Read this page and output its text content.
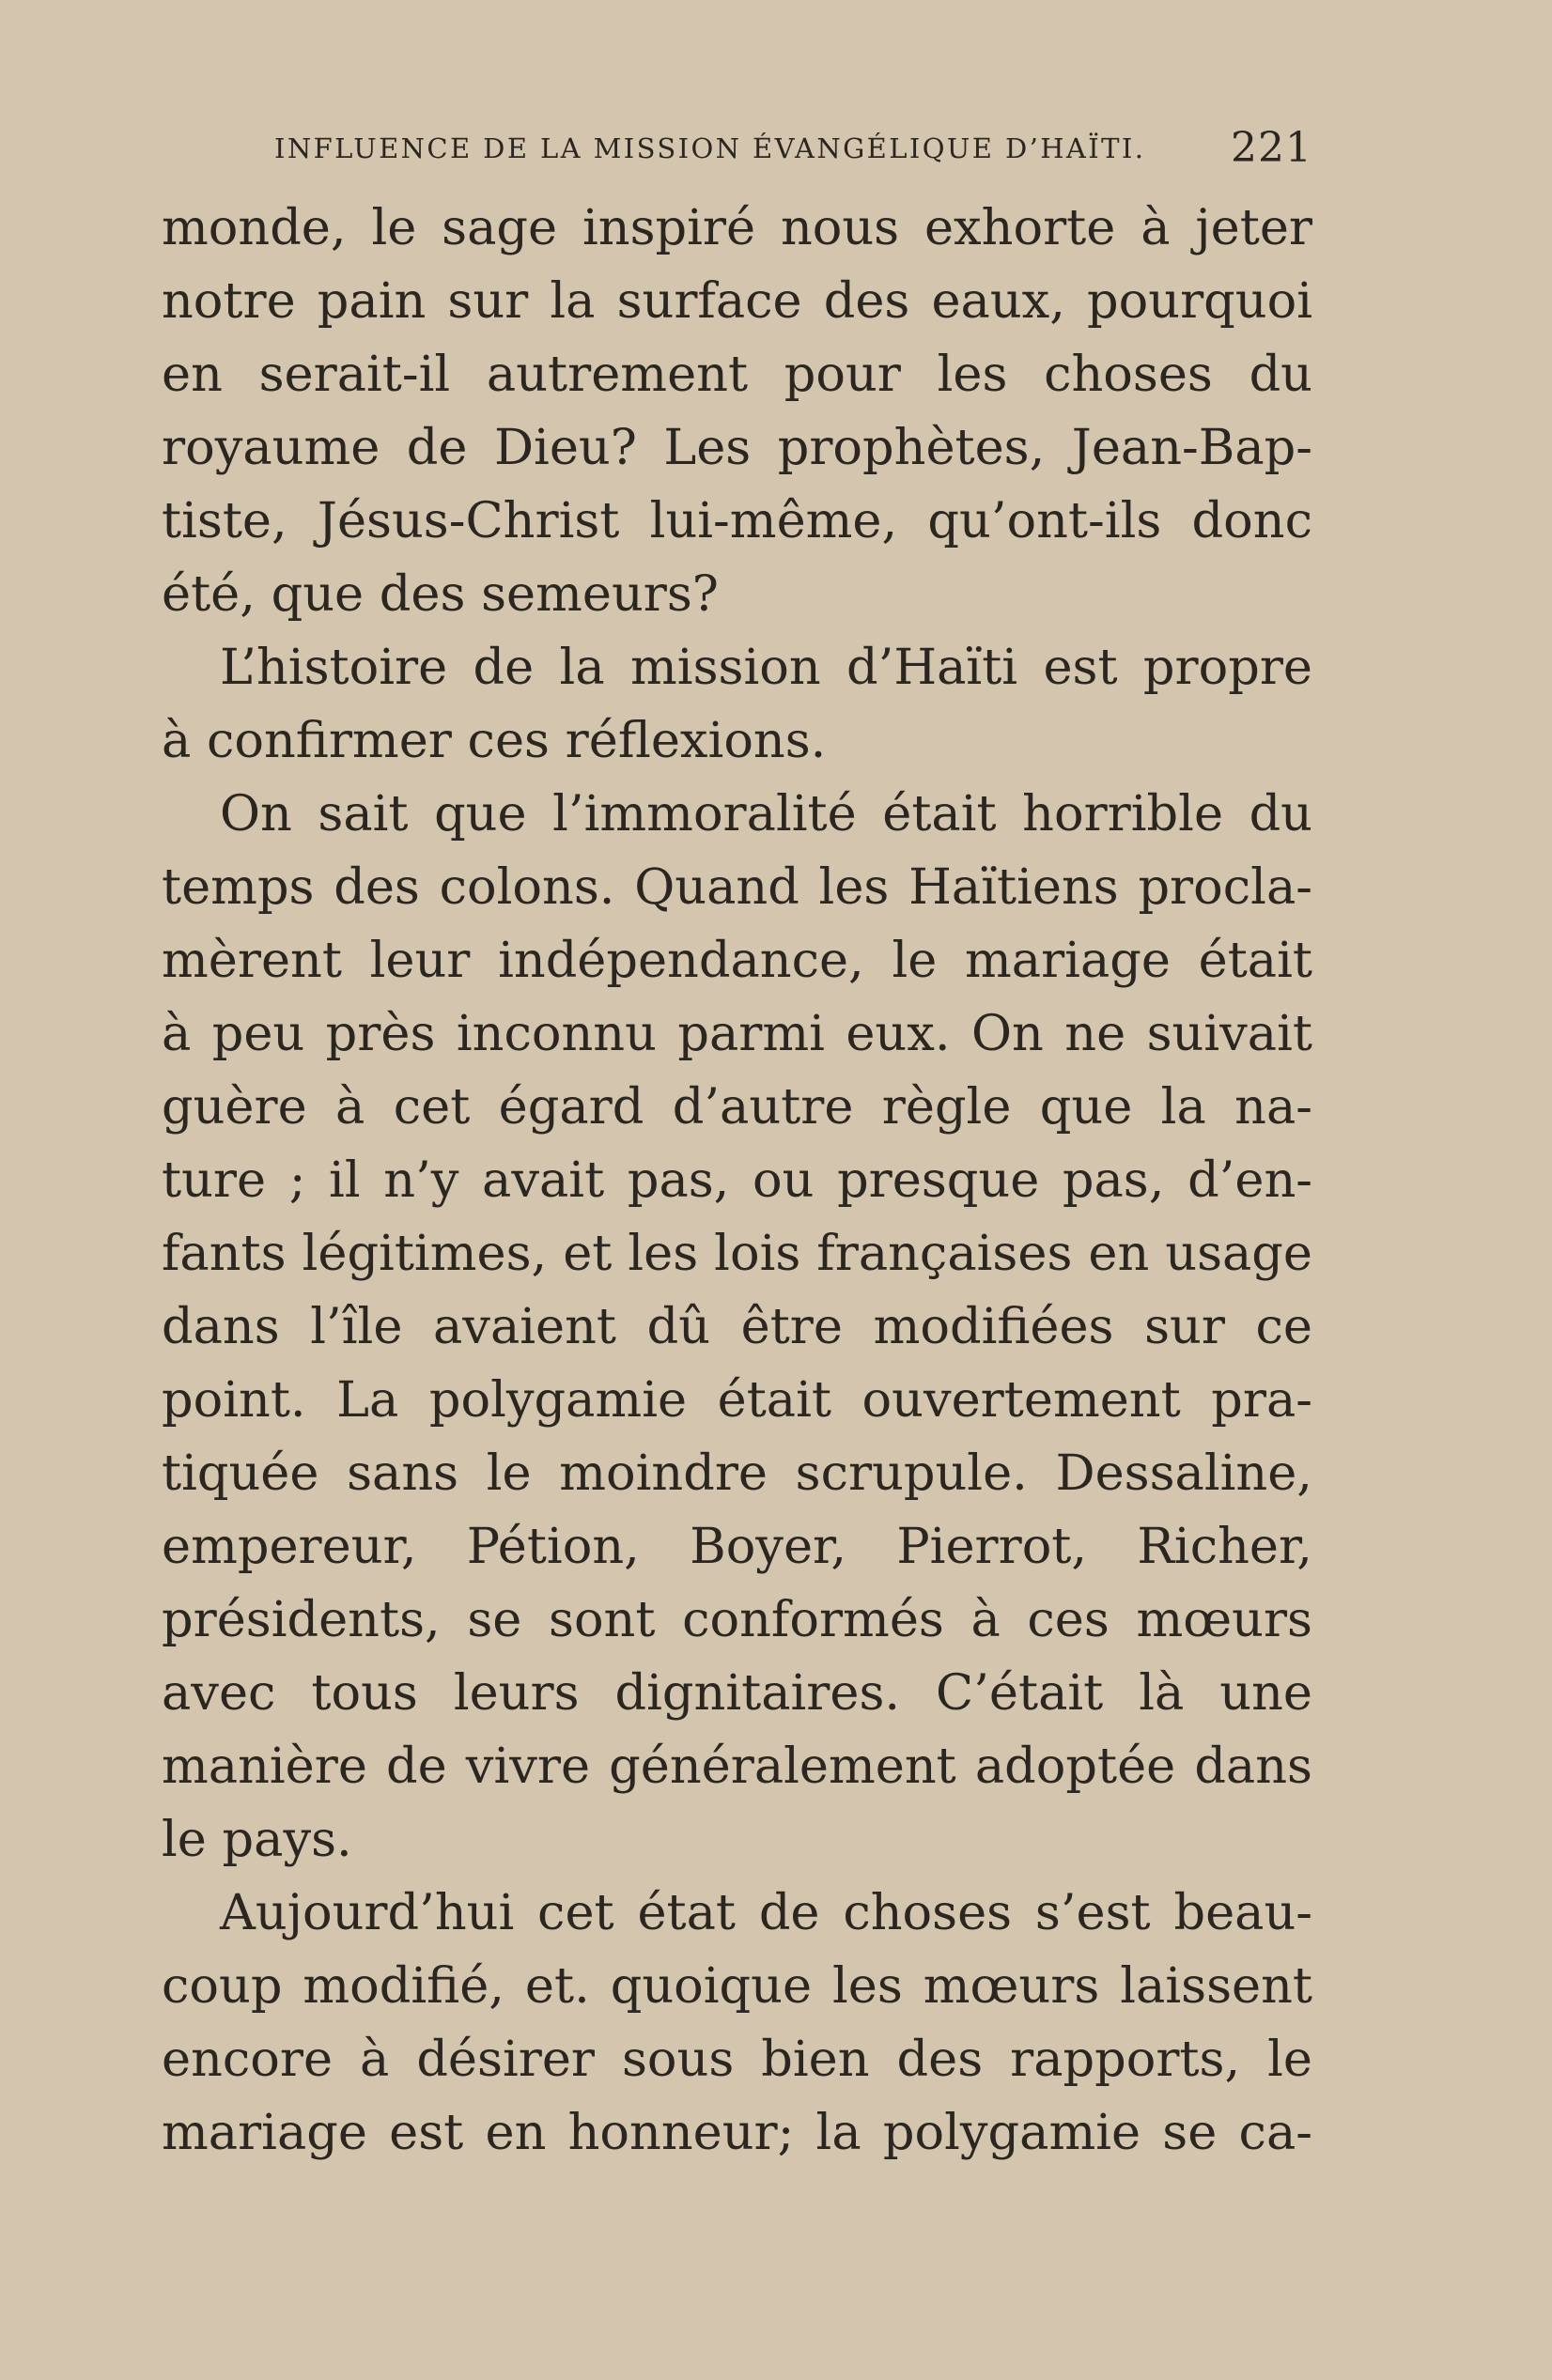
INFLUENCE DE LA MISSION ÉVANGÉLIQUE D’HAÏTI. 221
monde, le sage inspiré nous exhorte à jeter
notre pain sur la surface des eaux, pourquoi
en serait-il autrement pour les choses du
royaume de Dieu? Les prophètes, Jean-Bap-
tiste, Jésus-Christ lui-même, qu’ont-ils donc
été, que des semeurs?
L’histoire de la mission d’Haïti est propre
à confirmer ces réflexions.
On sait que l’immoralité était horrible du
temps des colons. Quand les Haïtiens procla-
mèrent leur indépendance, le mariage était
à peu près inconnu parmi eux. On ne suivait
guère à cet égard d’autre règle que la na-
ture ; il n’y avait pas, ou presque pas, d’en-
fants légitimes, et les lois françaises en usage
dans l’île avaient dû être modifiées sur ce
point. La polygamie était ouvertement pra-
tiquée sans le moindre scrupule. Dessaline,
empereur, Pétion, Boyer, Pierrot, Richer,
présidents, se sont conformés à ces mœurs
avec tous leurs dignitaires. C’était là une
manière de vivre généralement adoptée dans
le pays.
Aujourd’hui cet état de choses s’est beau-
coup modifié, et. quoique les mœurs laissent
encore à désirer sous bien des rapports, le
mariage est en honneur; la polygamie se ca-
